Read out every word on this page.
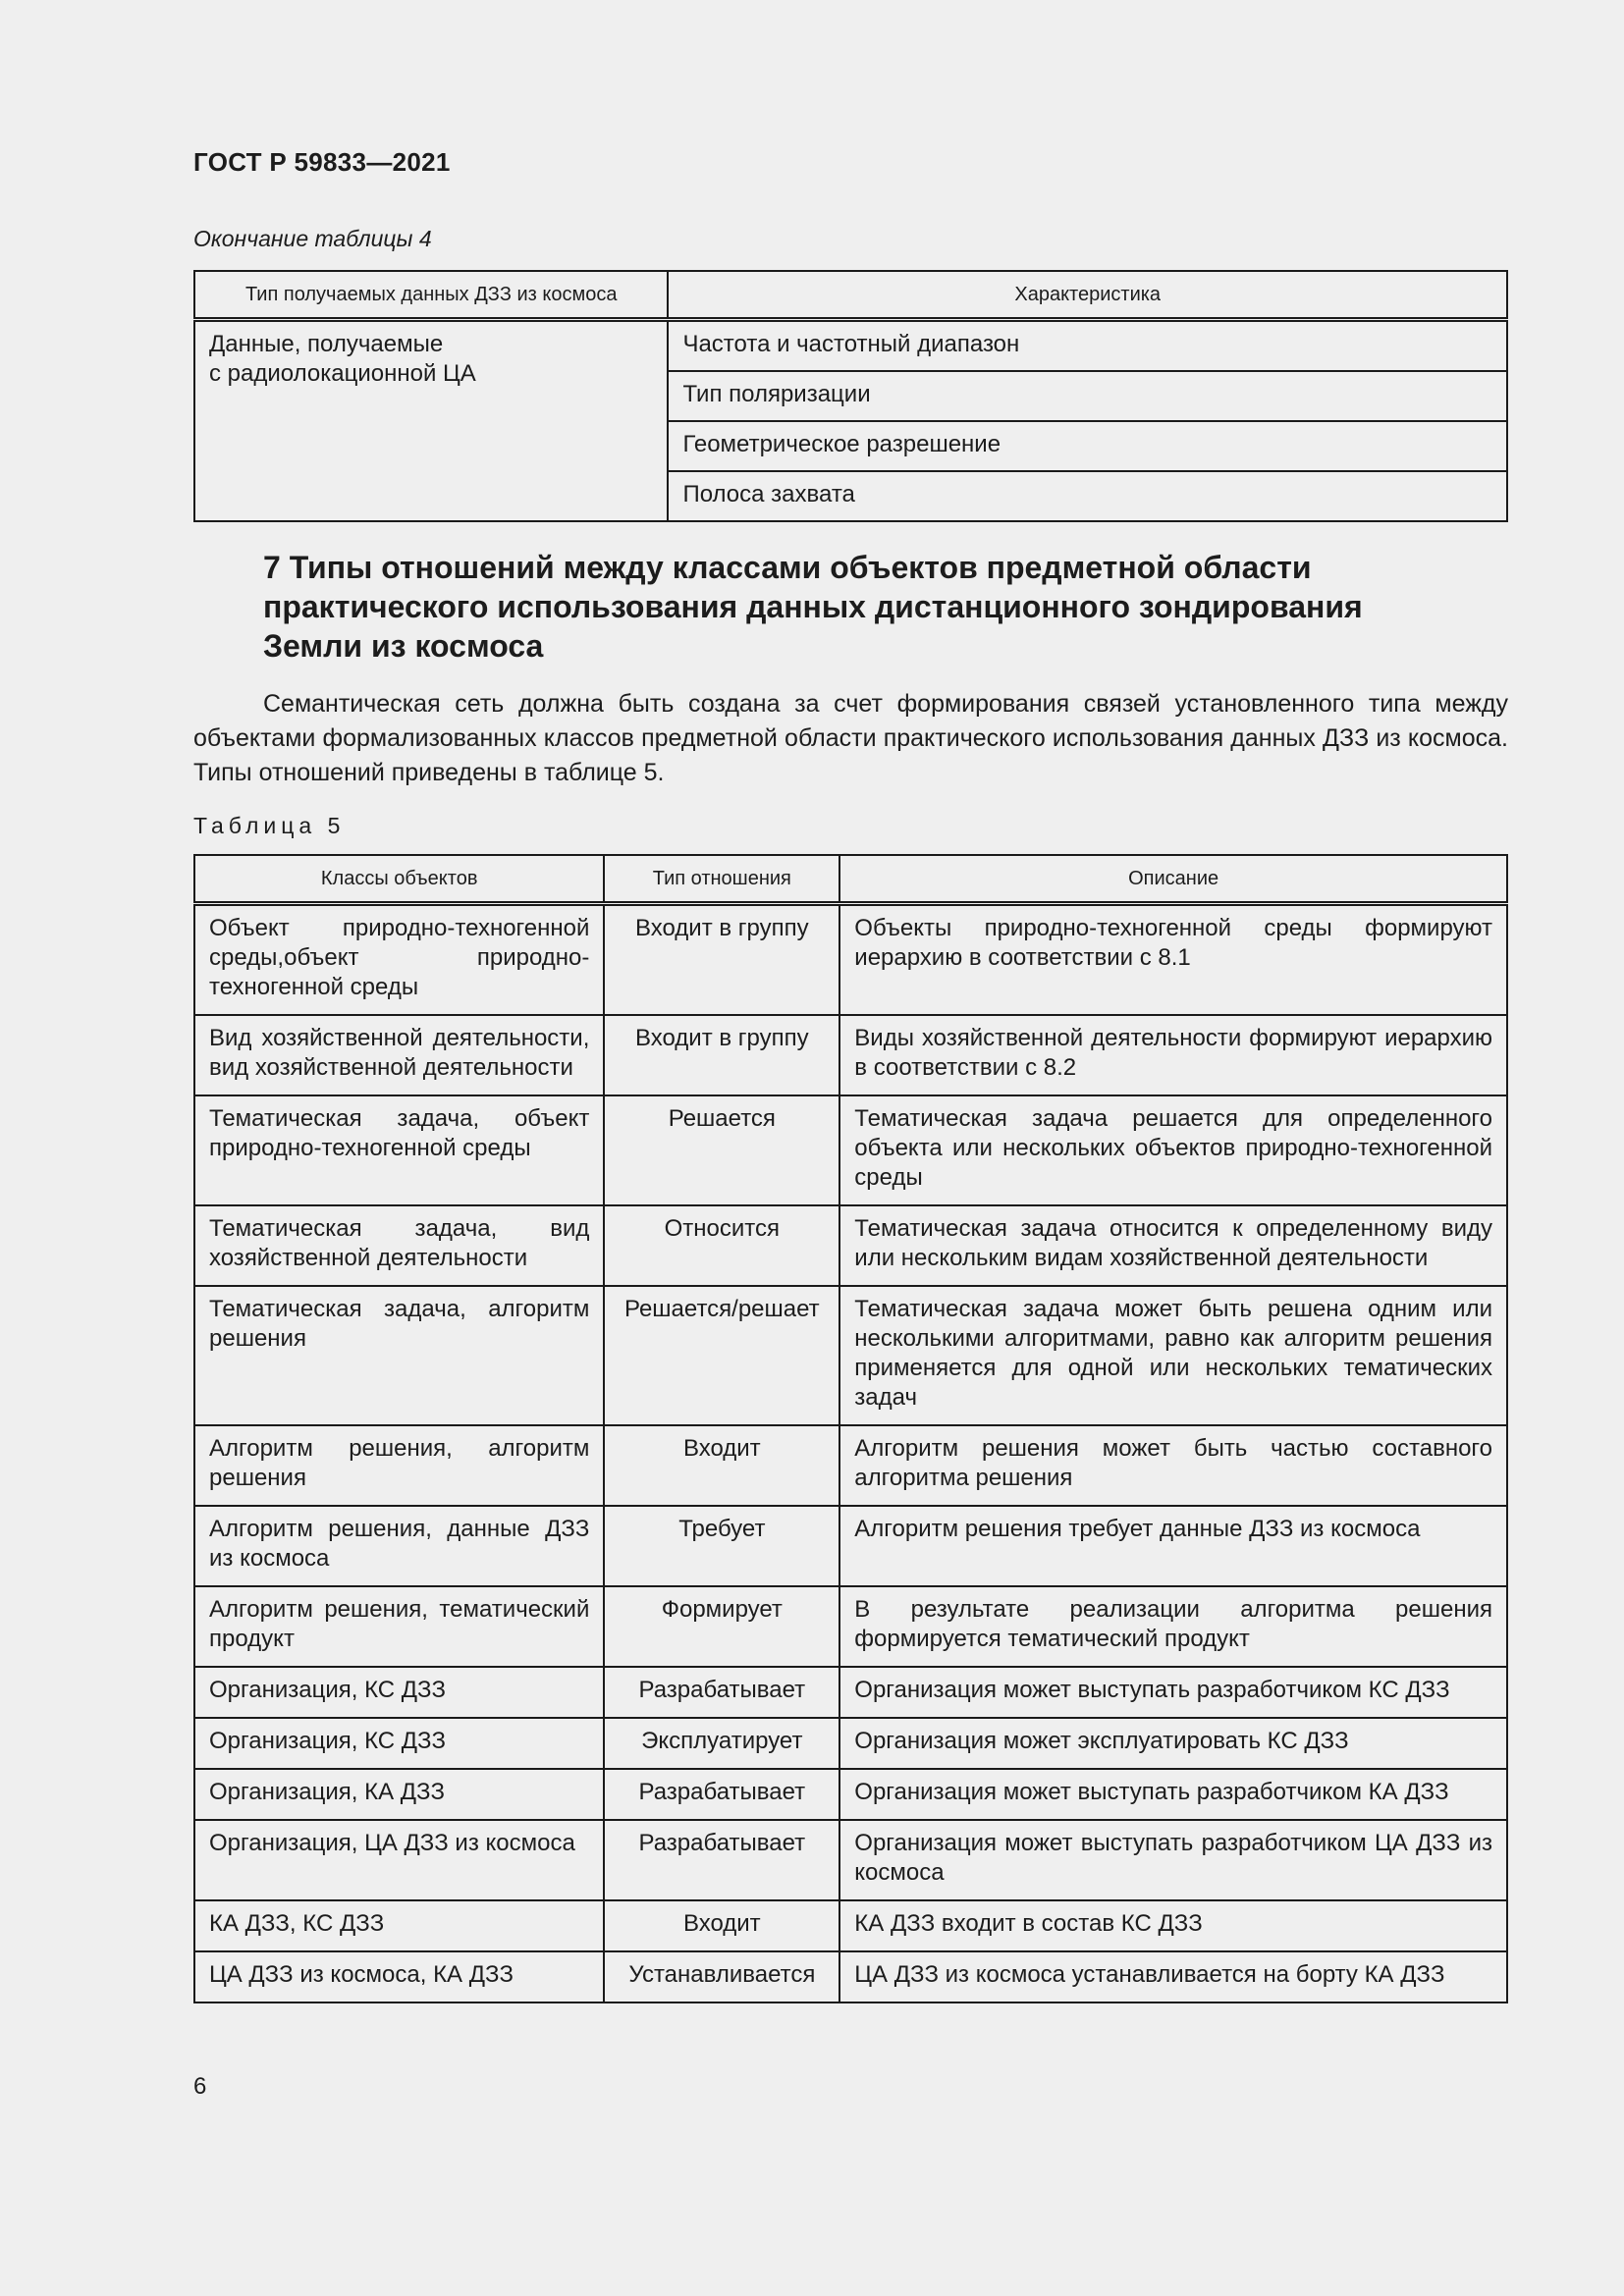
ГОСТ Р 59833—2021
Окончание таблицы 4
Тип получаемых данных ДЗЗ из космоса	Характеристика

Данные, получаемые
с радиолокационной ЦА	Частота и частотный диапазон
	Тип поляризации
	Геометрическое разрешение
	Полоса захвата
7 Типы отношений между классами объектов предметной области
практического использования данных дистанционного зондирования
Земли из космоса

Семантическая сеть должна быть создана за счет формирования связей установленного типа между объектами формализованных классов предметной области практического использования данных ДЗЗ из космоса. Типы отношений приведены в таблице 5.

Таблица 5
Классы объектов	Тип отношения	Описание
Объект природно-техногенной среды,объект природно-техногенной среды	Входит в группу	Объекты природно-техногенной среды формируют иерархию в соответствии с 8.1
Вид хозяйственной деятельности, вид хозяйственной деятельности	Входит в группу	Виды хозяйственной деятельности формируют иерархию в соответствии с 8.2
Тематическая задача, объект природно-техногенной среды	Решается	Тематическая задача решается для определенного объекта или нескольких объектов природно-техногенной среды
Тематическая задача, вид хозяйственной деятельности	Относится	Тематическая задача относится к определенному виду или нескольким видам хозяйственной деятельности
Тематическая задача, алгоритм решения	Решается/решает	Тематическая задача может быть решена одним или несколькими алгоритмами, равно как алгоритм решения применяется для одной или нескольких тематических задач
Алгоритм решения, алгоритм решения	Входит	Алгоритм решения может быть частью составного алгоритма решения
Алгоритм решения, данные ДЗЗ из космоса	Требует	Алгоритм решения требует данные ДЗЗ из космоса
Алгоритм решения, тематический продукт	Формирует	В результате реализации алгоритма решения формируется тематический продукт
Организация, КС ДЗЗ	Разрабатывает	Организация может выступать разработчиком КС ДЗЗ
Организация, КС ДЗЗ	Эксплуатирует	Организация может эксплуатировать КС ДЗЗ
Организация, КА ДЗЗ	Разрабатывает	Организация может выступать разработчиком КА ДЗЗ
Организация, ЦА ДЗЗ из космоса	Разрабатывает	Организация может выступать разработчиком ЦА ДЗЗ из космоса
КА ДЗЗ, КС ДЗЗ	Входит	КА ДЗЗ входит в состав КС ДЗЗ
ЦА ДЗЗ из космоса, КА ДЗЗ	Устанавливается	ЦА ДЗЗ из космоса устанавливается на борту КА ДЗЗ
6
